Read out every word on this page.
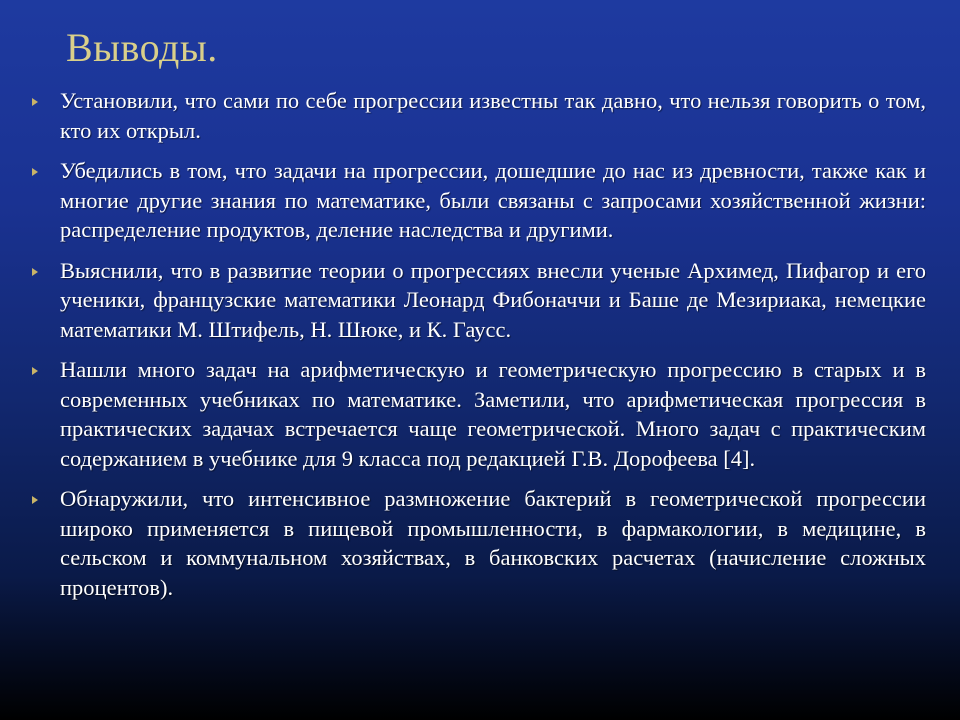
Выводы.
Установили, что сами по себе прогрессии известны так давно, что нельзя говорить о том, кто их открыл.
Убедились в том, что задачи на прогрессии, дошедшие до нас из древности, также как и многие другие знания по математике, были связаны с запросами хозяйственной жизни: распределение продуктов, деление наследства и другими.
Выяснили, что в развитие теории о прогрессиях внесли ученые Архимед, Пифагор и его ученики, французские математики Леонард Фибоначчи и Баше де Мезириака, немецкие математики М. Штифель, Н. Шюке, и К. Гаусс.
Нашли много задач на арифметическую и геометрическую прогрессию в старых и в современных учебниках по математике. Заметили, что арифметическая прогрессия в практических задачах встречается чаще геометрической. Много задач с практическим содержанием в учебнике для 9 класса под редакцией Г.В. Дорофеева [4].
Обнаружили, что интенсивное размножение бактерий в геометрической прогрессии широко применяется в пищевой промышленности, в фармакологии, в медицине, в сельском и коммунальном хозяйствах, в банковских расчетах (начисление сложных процентов).
